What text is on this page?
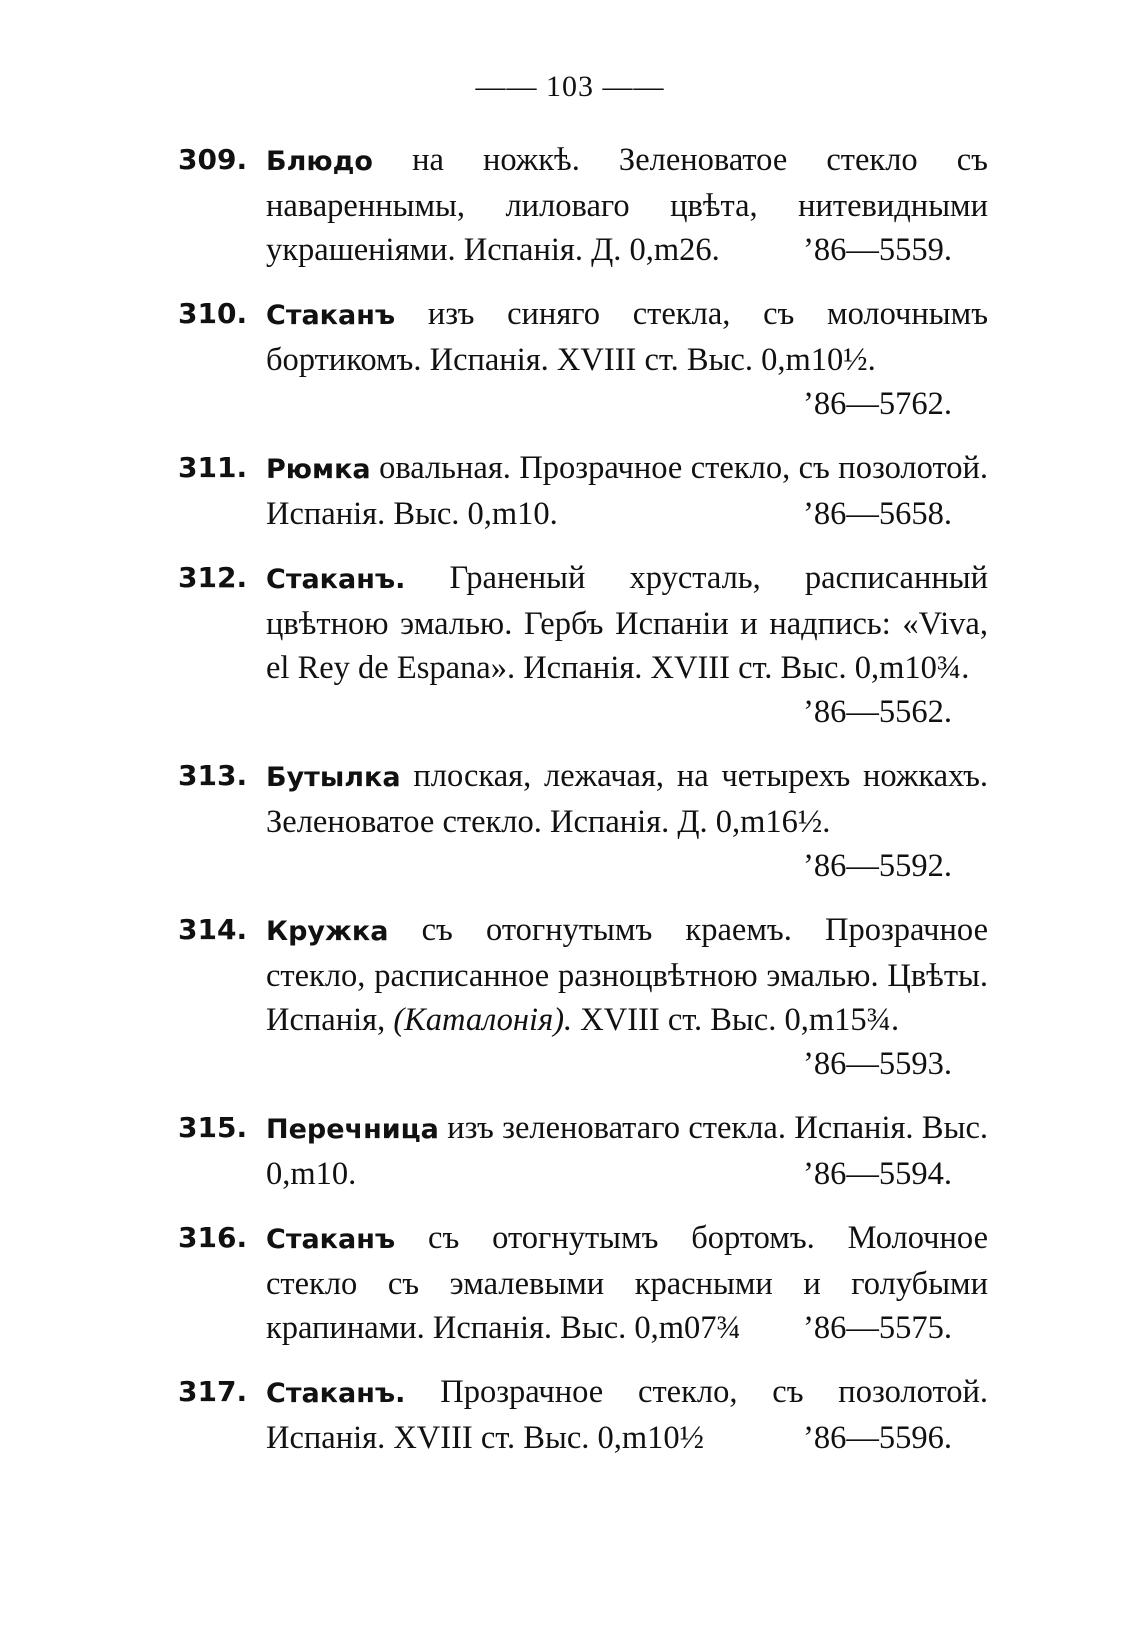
—— 103 ——
309. Блюдо на ножкѣ. Зеленоватое стекло съ навареннымы, лиловаго цвѣта, нитевидными украшеніями. Испанія. Д. 0,m26.	’86—5559.
310. Стаканъ изъ синяго стекла, съ молочнымъ бортикомъ. Испанія. XVIII ст. Выс. 0,m10½.
’86—5762.
311. Рюмка овальная. Прозрачное стекло, съ позолотой. Испанія. Выс. 0,m10.	’86—5658.
312. Стаканъ. Граненый хрусталь, расписанный цвѣтною эмалью. Гербъ Испаніи и надпись: «Viva, el Rey de Espana». Испанія. XVIII ст. Выс. 0,m10¾.
’86—5562.
313. Бутылка плоская, лежачая, на четырехъ ножкахъ. Зеленоватое стекло. Испанія. Д. 0,m16½.
’86—5592.
314. Кружка съ отогнутымъ краемъ. Прозрачное стекло, расписанное разноцвѣтною эмалью. Цвѣты. Испанія, (Каталонія). XVIII ст. Выс. 0,m15¾.
’86—5593.
315. Перечница изъ зеленоватаго стекла. Испанія. Выс. 0,m10.	’86—5594.
316. Стаканъ съ отогнутымъ бортомъ. Молочное стекло съ эмалевыми красными и голубыми крапинами. Испанія. Выс. 0,m07¾ ’86—5575.
317. Стаканъ. Прозрачное стекло, съ позолотой. Испанія. XVIII ст. Выс. 0,m10½	’86—5596.
